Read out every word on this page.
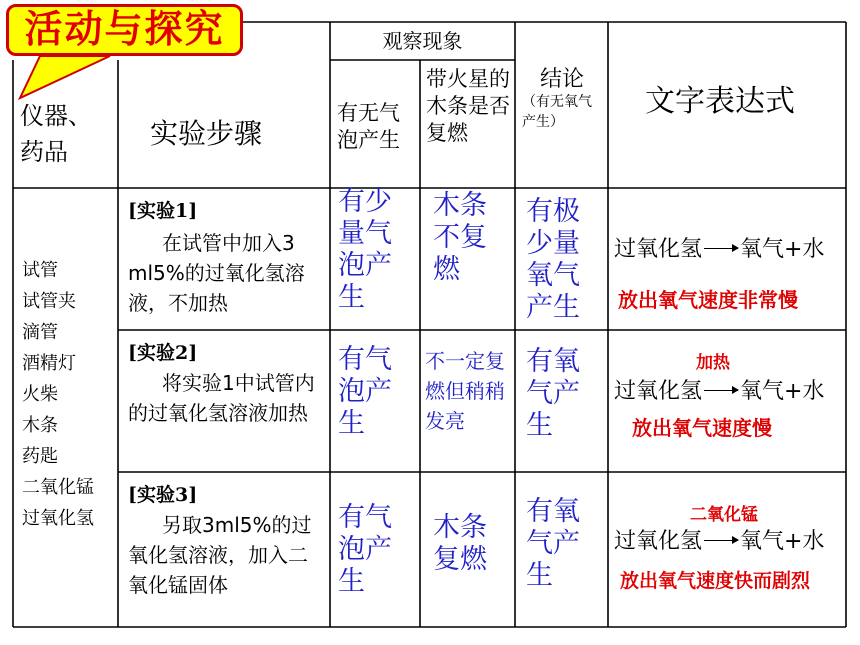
活动与探究
仪器、药品
实验步骤
观察现象
有无气泡产生
带火星的木条是否复燃
结论
（有无氧气产生）
文字表达式
试管
试管夹
滴管
酒精灯
火柴
木条
药匙
二氧化锰
过氧化氢
[实验1]
在试管中加入3 ml5%的过氧化氢溶液，不加热
有少量气泡产生
木条不复燃
有极少量氧气产生
过氧化氢 氧气+水
放出氧气速度非常慢
[实验2]
将实验1中试管内的过氧化氢溶液加热
有气泡产生
不一定复燃但稍稍发亮
有氧气产生
加热
过氧化氢 氧气+水
放出氧气速度慢
[实验3]
另取3ml5%的过氧化氢溶液，加入二氧化锰固体
有气泡产生
木条复燃
有氧气产生
二氧化锰
过氧化氢 氧气+水
放出氧气速度快而剧烈
